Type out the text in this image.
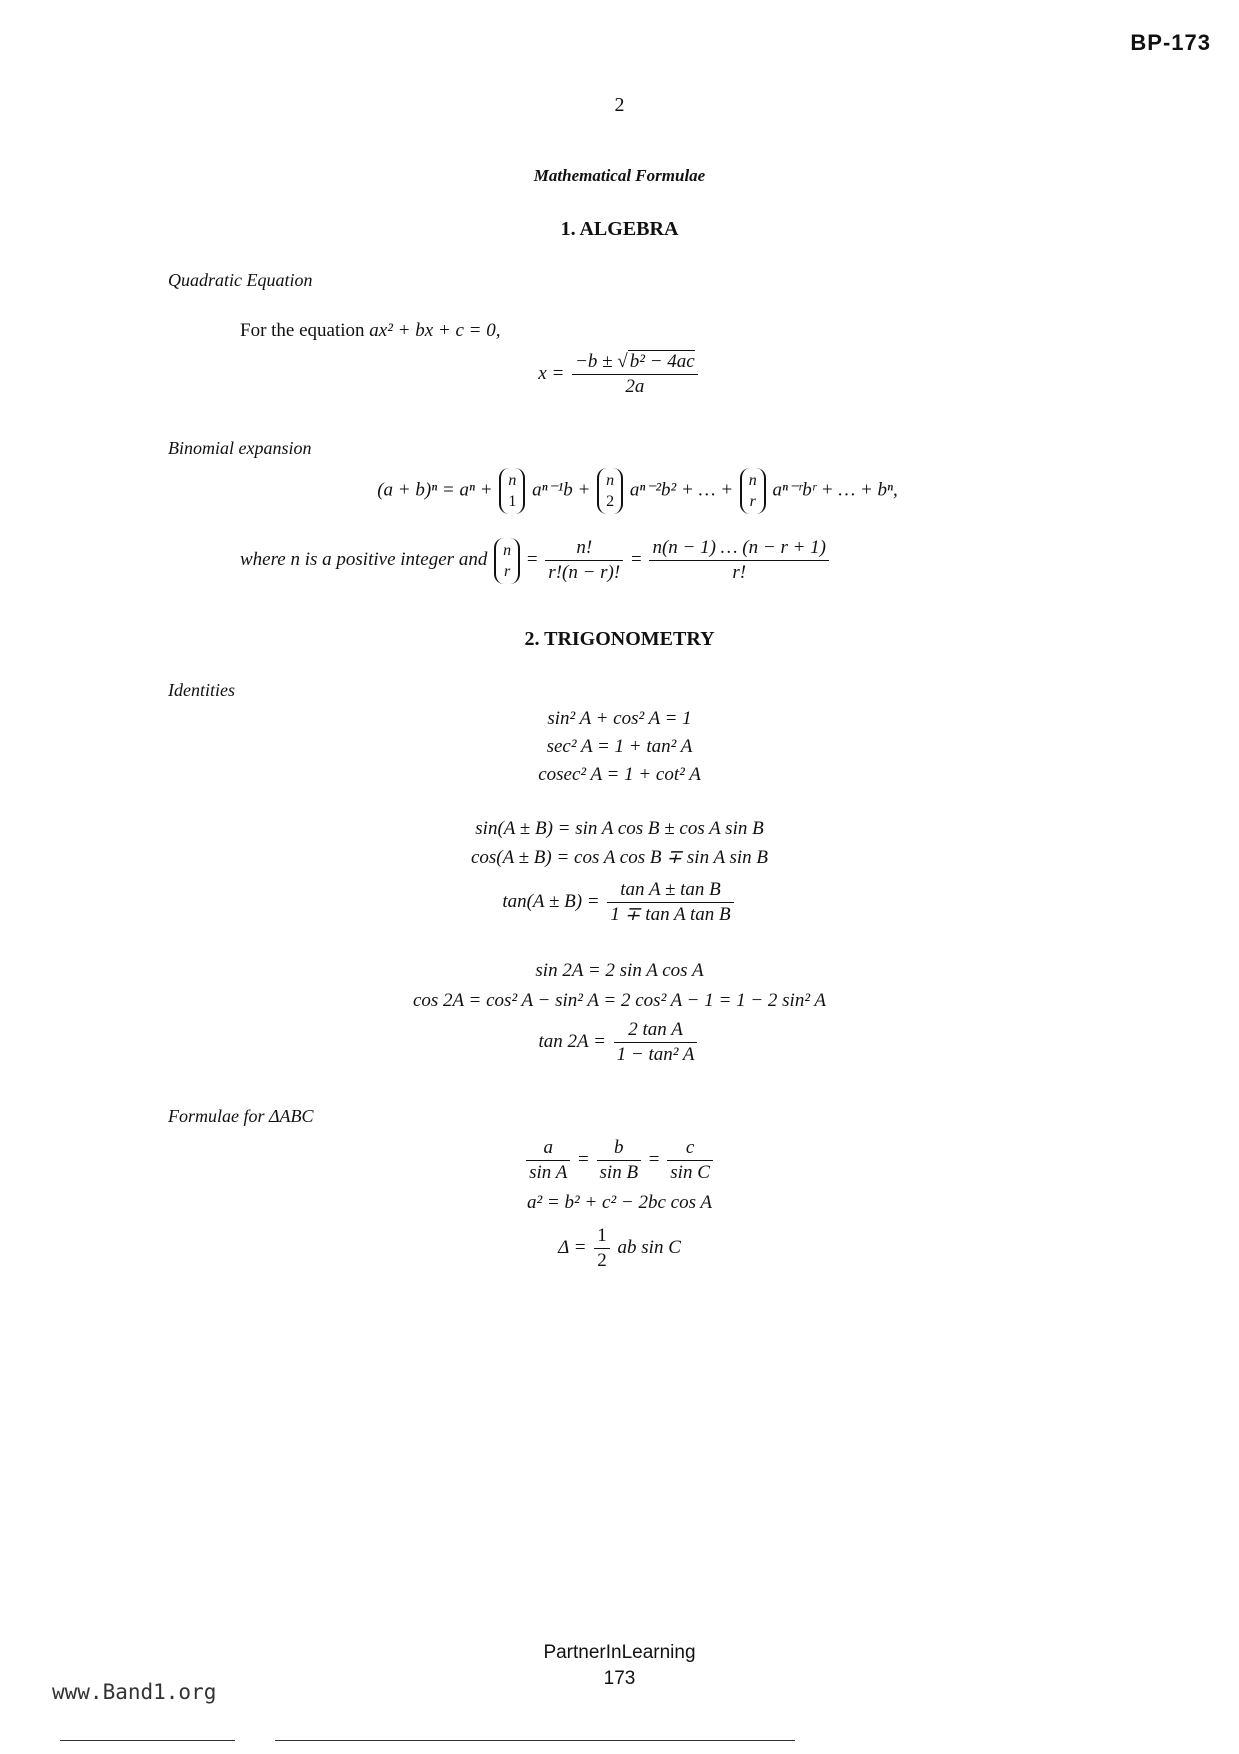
BP-173
2
Mathematical Formulae
1. ALGEBRA
Quadratic Equation
For the equation ax² + bx + c = 0,
$x = \frac{\text{−b ± √ b² − 4ac}}{2a}$
Binomial expansion
(a + b)ⁿ = aⁿ + n
1
aⁿ⁻¹b + n
2
aⁿ⁻²b² + … + n
r
aⁿ⁻ʳbʳ + … + bⁿ,
where n is a positive integer and n
r
= $\frac{n!}{r!(n - r)!} = \frac{n(n - 1) \dots (n - r + 1)}{r!}$
2. TRIGONOMETRY
Identities
sin² A + cos² A = 1
sec² A = 1 + tan² A
cosec² A = 1 + cot² A
sin(A ± B) = sin A cos B ± cos A sin B
cos(A ± B) = cos A cos B ∓ sin A sin B
$\tan(A \pm B) = \frac{\text{tan A ± tan B}}{\text{1 ∓ tan A tan B}}$
sin 2A = 2 sin A cos A
cos 2A = cos² A − sin² A = 2 cos² A − 1 = 1 − 2 sin² A
$\tan 2A = \frac{\text{2 tan A}}{\text{1 − tan² A}}$
Formulae for ΔABC
$\frac{a}{\text{sin A}} = \frac{b}{\text{sin B}} = \frac{c}{\text{sin C}}$
a² = b² + c² − 2bc cos A
$\Delta = \frac{1}{2}$ ab sin C
PartnerInLearning
173
www.Band1.org
